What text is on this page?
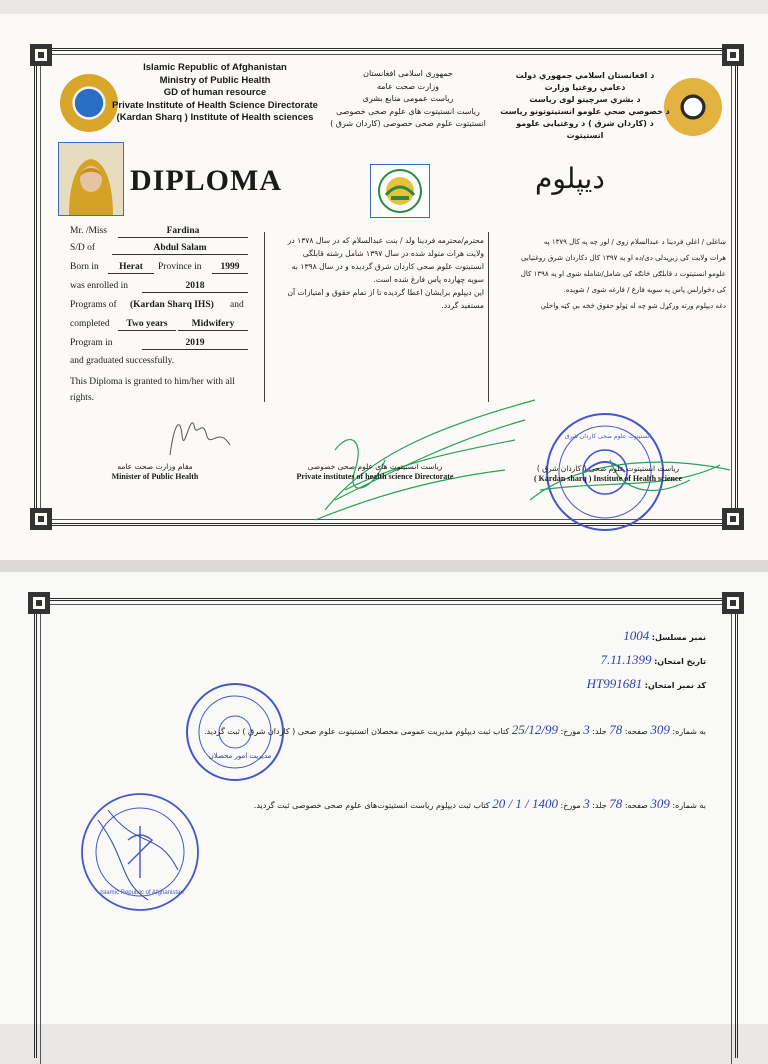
Islamic Republic of Afghanistan
Ministry of Public Health
GD of human resource
Private Institute of Health Science Directorate
(Kardan Sharq ) Institute of Health sciences
جمهوری اسلامی افغانستان
وزارت صحت عامه
ریاست عمومی منابع بشری
ریاست انستیتوت های علوم صحی خصوصی
انستیتوت علوم صحی خصوصی (کاردان شرق )
د افغانستان اسلامي جمهوري دولت
دعامې روغتیا وزارت
د بشري سرچینو لوی ریاست
د خصوصي صحي علومو انستیتوتونو ریاست
د (کاردان شرق ) د روغتیایی علومو انستیتوت
DIPLOMA	دیپلوم
Mr. /Miss	Fardina
S/D of	Abdul Salam
Born in	Herat	Province in	1999
was enrolled in	2018
Programs of (Kardan Sharq IHS) and
completed	Two years	Midwifery
Program in	2019
and graduated successfully.
This Diploma is granted to him/her with all rights.
محترم/محترمه فردینا ولد / بنت عبدالسلام که در سال ۱۳۷۸ در
ولایت هرات متولد شده در سال ۱۳۹۷ شامل رشته قابلگی
انستیتوت علوم صحی کاردان شرق گردیده و در سال ۱۳۹۸ به
سویه چهارده پاس فارغ شده است.
این دیپلوم برایشان اعطا گردیده تا از تمام حقوق و امتیازات آن
مستفید گردد.
ښاغلی / اغلې فردینا د عبدالسلام زوی / لور چه په کال ۱۳۷۹ په
هرات ولایت کی زیږیدلی دی/ده او په ۱۳۹۷ کال دکاردان شرق روغتیایی
علومو انستیتوت د قابلګی څانګه کی شامل/شامله شوی او په ۱۳۹۸ کال
کی دڅوارلس پاس په سویه فارغ / فارغه شوی / شویده.
دغه دیپلوم ورته ورکړل شو چه له ټولو حقوق څخه بې کټه واخلي
انستیتوت علوم صحی کاردان شرق
مقام وزارت صحت عامه
Minister of Public Health
ریاست انستیتوت های علوم صحی خصوصی
Private institutes of health science Directorate
ریاست انستیتوت علوم صحی ( کاردان شرق )
( Kardan sharq ) Institute of Health science
نمبر مسلسل: 1004
تاریخ امتحان: 7.11.1399
کد نمبر امتحان: HT991681
مدیریت امور محصلان
به شماره: 309 صفحه: 78 جلد: 3 مورخ: 25/12/99 کتاب ثبت دیپلوم مدیریت عمومی محصلان انستیتوت علوم صحی ( کاردان شرق ) ثبت گردید.
به شماره: 309 صفحه: 78 جلد: 3 مورخ: 1400 / 1 / 20 کتاب ثبت دیپلوم ریاست انستیتوت‌های علوم صحی خصوصی ثبت گردید.
Islamic Republic of Afghanistan
